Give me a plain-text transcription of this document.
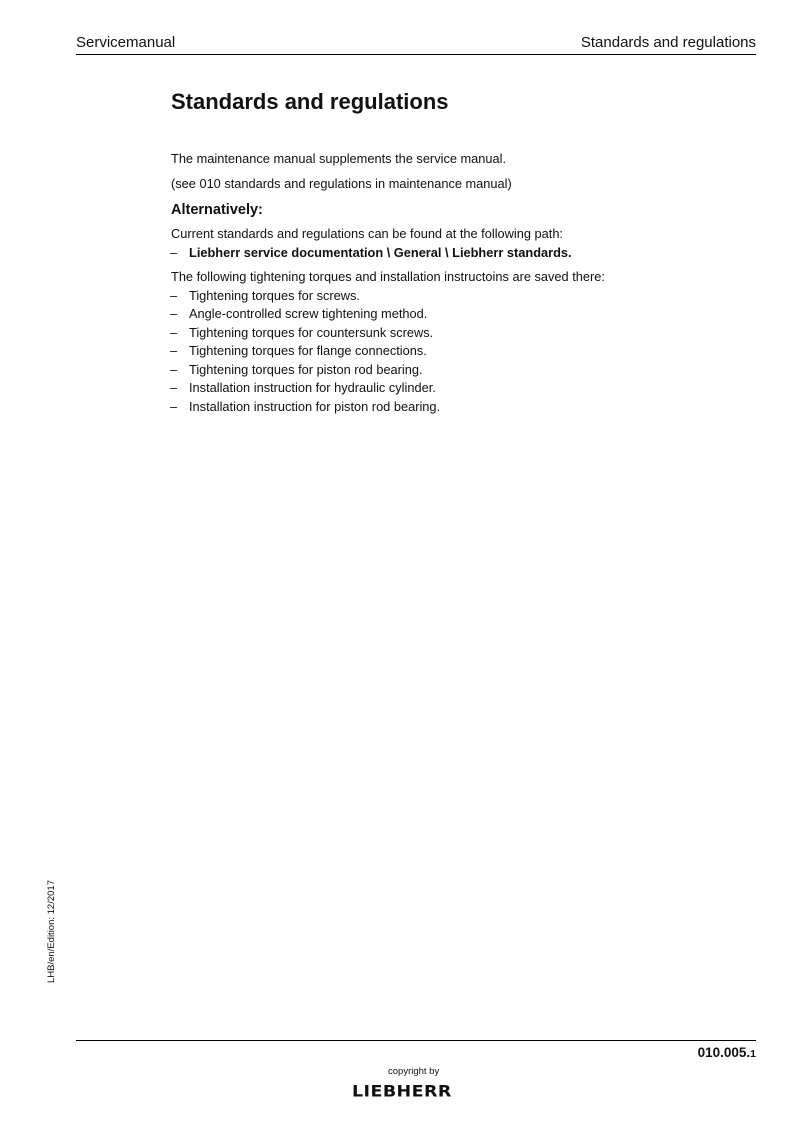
Servicemanual	Standards and regulations
Standards and regulations

The maintenance manual supplements the service manual.

(see 010 standards and regulations in maintenance manual)

Alternatively:

Current standards and regulations can be found at the following path:

– Liebherr service documentation \ General \ Liebherr standards.

The following tightening torques and installation instructoins are saved there:

– Tightening torques for screws.
– Angle-controlled screw tightening method.
– Tightening torques for countersunk screws.
– Tightening torques for flange connections.
– Tightening torques for piston rod bearing.
– Installation instruction for hydraulic cylinder.
– Installation instruction for piston rod bearing.
LHB/en/Edition: 12/2017
010.005.1
copyright by
LIEBHERR
